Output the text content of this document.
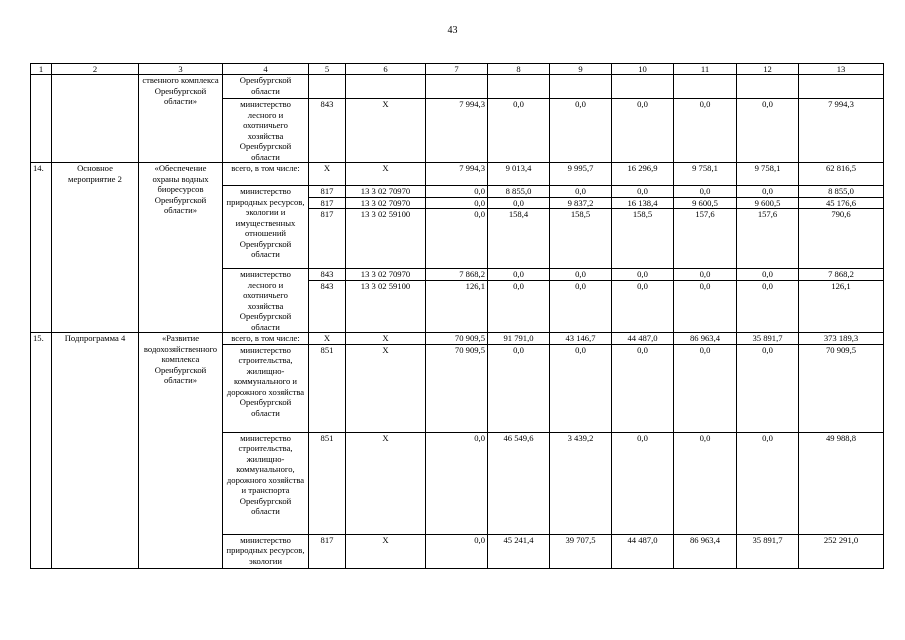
43
1	2	3	4	5	6	7	8	9	10	11	12	13
		ственного комплекса Оренбургской области»	Оренбургской области									
			министерство лесного и охотничьего хозяйства Оренбургской области	843	X	7 994,3	0,0	0,0	0,0	0,0	0,0	7 994,3
14.	Основное мероприятие 2	«Обеспечение охраны водных биоресурсов Оренбургской области»	всего, в том числе:	X	X	7 994,3	9 013,4	9 995,7	16 296,9	9 758,1	9 758,1	62 816,5
			министерство природных ресурсов, экологии и имущественных отношений Оренбургской области	817	13 3 02 70970	0,0	8 855,0	0,0	0,0	0,0	0,0	8 855,0
				817	13 3 02 70970	0,0	0,0	9 837,2	16 138,4	9 600,5	9 600,5	45 176,6
				817	13 3 02 59100	0,0	158,4	158,5	158,5	157,6	157,6	790,6
			министерство лесного и охотничьего хозяйства Оренбургской области	843	13 3 02 70970	7 868,2	0,0	0,0	0,0	0,0	0,0	7 868,2
				843	13 3 02 59100	126,1	0,0	0,0	0,0	0,0	0,0	126,1
15.	Подпрограмма 4	«Развитие водохозяйственного комплекса Оренбургской области»	всего, в том числе:	X	X	70 909,5	91 791,0	43 146,7	44 487,0	86 963,4	35 891,7	373 189,3
			министерство строительства, жилищно-коммунального и дорожного хозяйства Оренбургской области	851	X	70 909,5	0,0	0,0	0,0	0,0	0,0	70 909,5
			министерство строительства, жилищно-коммунального, дорожного хозяйства и транспорта Оренбургской области	851	X	0,0	46 549,6	3 439,2	0,0	0,0	0,0	49 988,8
			министерство природных ресурсов, экологии	817	X	0,0	45 241,4	39 707,5	44 487,0	86 963,4	35 891,7	252 291,0
